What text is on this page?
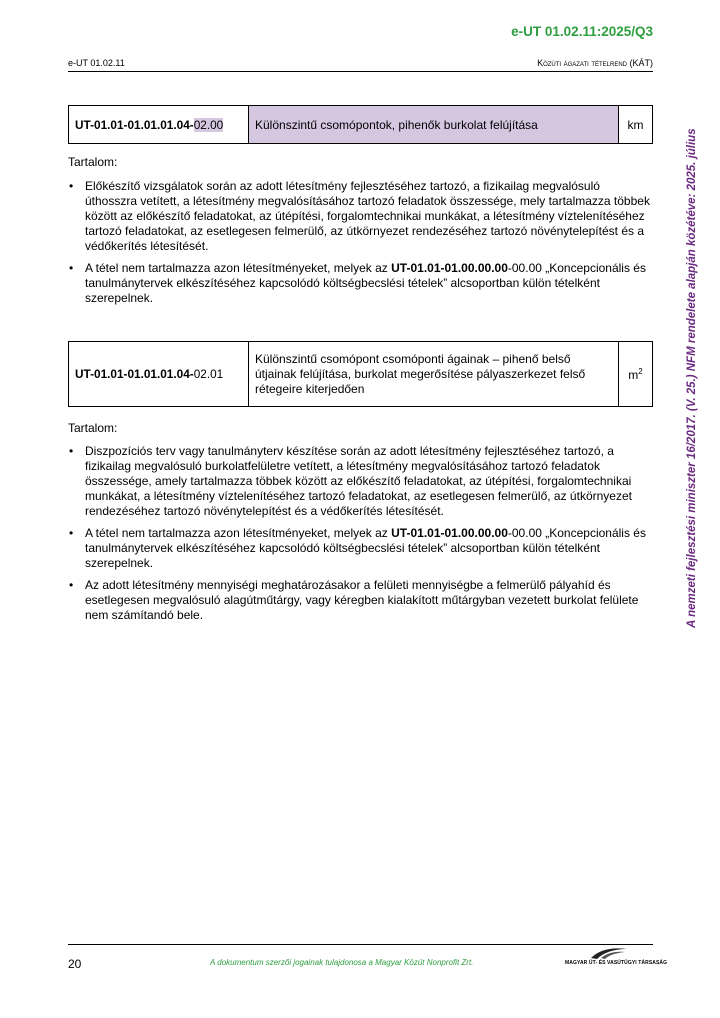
e-UT 01.02.11:2025/Q3
e-UT 01.02.11	Közúti ágazati tételrend (KÁT)
A nemzeti fejlesztési miniszter 16/2017. (V. 25.) NFM rendelete alapján közétéve: 2025. július
UT-01.01-01.01.01.04-02.00	Különszintű csomópontok, pihenők burkolat felújítása	km
Tartalom:
• Előkészítő vizsgálatok során az adott létesítmény fejlesztéséhez tartozó, a fizikailag megvalósuló úthosszra vetített, a létesítmény megvalósításához tartozó feladatok összessége, mely tartalmazza többek között az előkészítő feladatokat, az útépítési, forgalomtechnikai munkákat, a létesítmény víztelenítéséhez tartozó feladatokat, az esetlegesen felmerülő, az útkörnyezet rendezéséhez tartozó növénytelepítést és a védőkerítés létesítését.
• A tétel nem tartalmazza azon létesítményeket, melyek az UT-01.01-01.00.00.00-00.00 „Koncepcionális és tanulmánytervek elkészítéséhez kapcsolódó költségbecslési tételek” alcsoportban külön tételként szerepelnek.
UT-01.01-01.01.01.04-02.01	Különszintű csomópont csomóponti ágainak – pihenő belső útjainak felújítása, burkolat megerősítése pályaszerkezet felső rétegeire kiterjedően	$m^2$
Tartalom:
• Diszpozíciós terv vagy tanulmányterv készítése során az adott létesítmény fejlesztéséhez tartozó, a fizikailag megvalósuló burkolatfelületre vetített, a létesítmény megvalósításához tartozó feladatok összessége, amely tartalmazza többek között az előkészítő feladatokat, az útépítési, forgalomtechnikai munkákat, a létesítmény víztelenítéséhez tartozó feladatokat, az esetlegesen felmerülő, az útkörnyezet rendezéséhez tartozó növénytelepítést és a védőkerítés létesítését.
• A tétel nem tartalmazza azon létesítményeket, melyek az UT-01.01-01.00.00.00-00.00 „Koncepcionális és tanulmánytervek elkészítéséhez kapcsolódó költségbecslési tételek” alcsoportban külön tételként szerepelnek.
• Az adott létesítmény mennyiségi meghatározásakor a felületi mennyiségbe a felmerülő pályahíd és esetlegesen megvalósuló alagútműtárgy, vagy kéregben kialakított műtárgyban vezetett burkolat felülete nem számítandó bele.
20	A dokumentum szerzői jogainak tulajdonosa a Magyar Közút Nonprofit Zrt.	MAGYAR ÚT- ÉS VASÚTÜGYI TÁRSASÁG
